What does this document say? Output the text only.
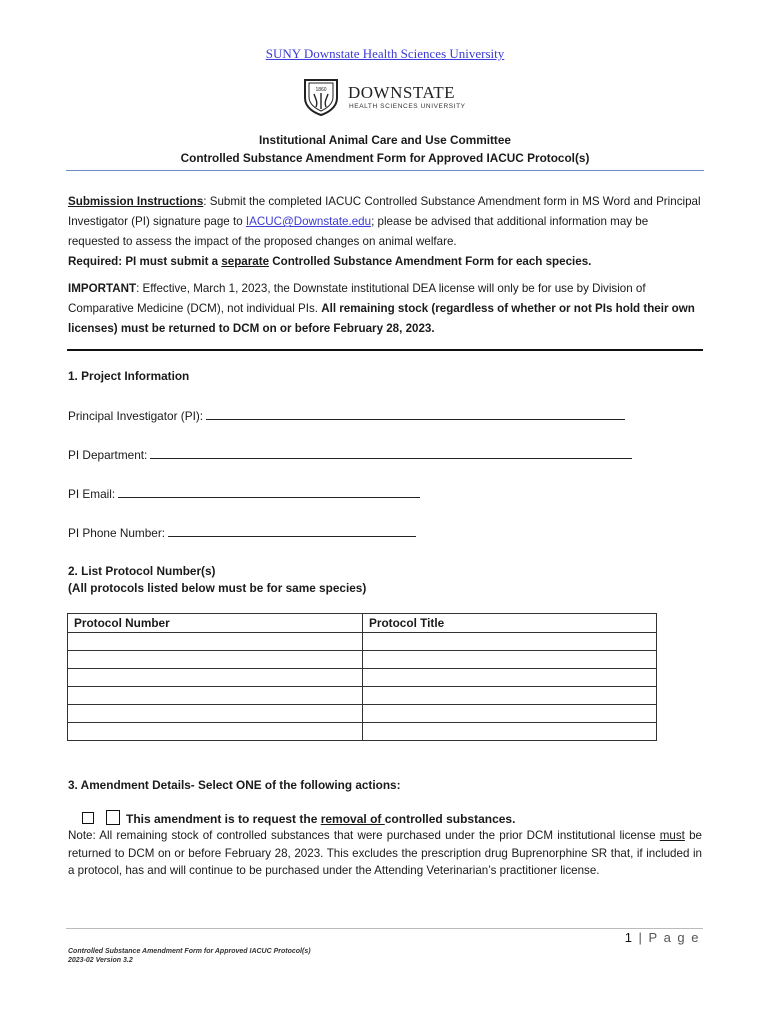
SUNY Downstate Health Sciences University
1860 DOWNSTATE
HEALTH SCIENCES UNIVERSITY
Institutional Animal Care and Use Committee
Controlled Substance Amendment Form for Approved IACUC Protocol(s)
Submission Instructions: Submit the completed IACUC Controlled Substance Amendment form in MS Word and Principal Investigator (PI) signature page to IACUC@Downstate.edu; please be advised that additional information may be requested to assess the impact of the proposed changes on animal welfare.
Required: PI must submit a separate Controlled Substance Amendment Form for each species.
IMPORTANT: Effective, March 1, 2023, the Downstate institutional DEA license will only be for use by Division of Comparative Medicine (DCM), not individual PIs. All remaining stock (regardless of whether or not PIs hold their own licenses) must be returned to DCM on or before February 28, 2023.
1. Project Information
Principal Investigator (PI):
PI Department:
PI Email:
PI Phone Number:
2. List Protocol Number(s)
(All protocols listed below must be for same species)
Protocol Number	Protocol Title

3. Amendment Details- Select ONE of the following actions:
This amendment is to request the removal of controlled substances.
Note: All remaining stock of controlled substances that were purchased under the prior DCM institutional license must be returned to DCM on or before February 28, 2023. This excludes the prescription drug Buprenorphine SR that, if included in a protocol, has and will continue to be purchased under the Attending Veterinarian’s practitioner license.
1 | P a g e
Controlled Substance Amendment Form for Approved IACUC Protocol(s)
2023-02 Version 3.2
